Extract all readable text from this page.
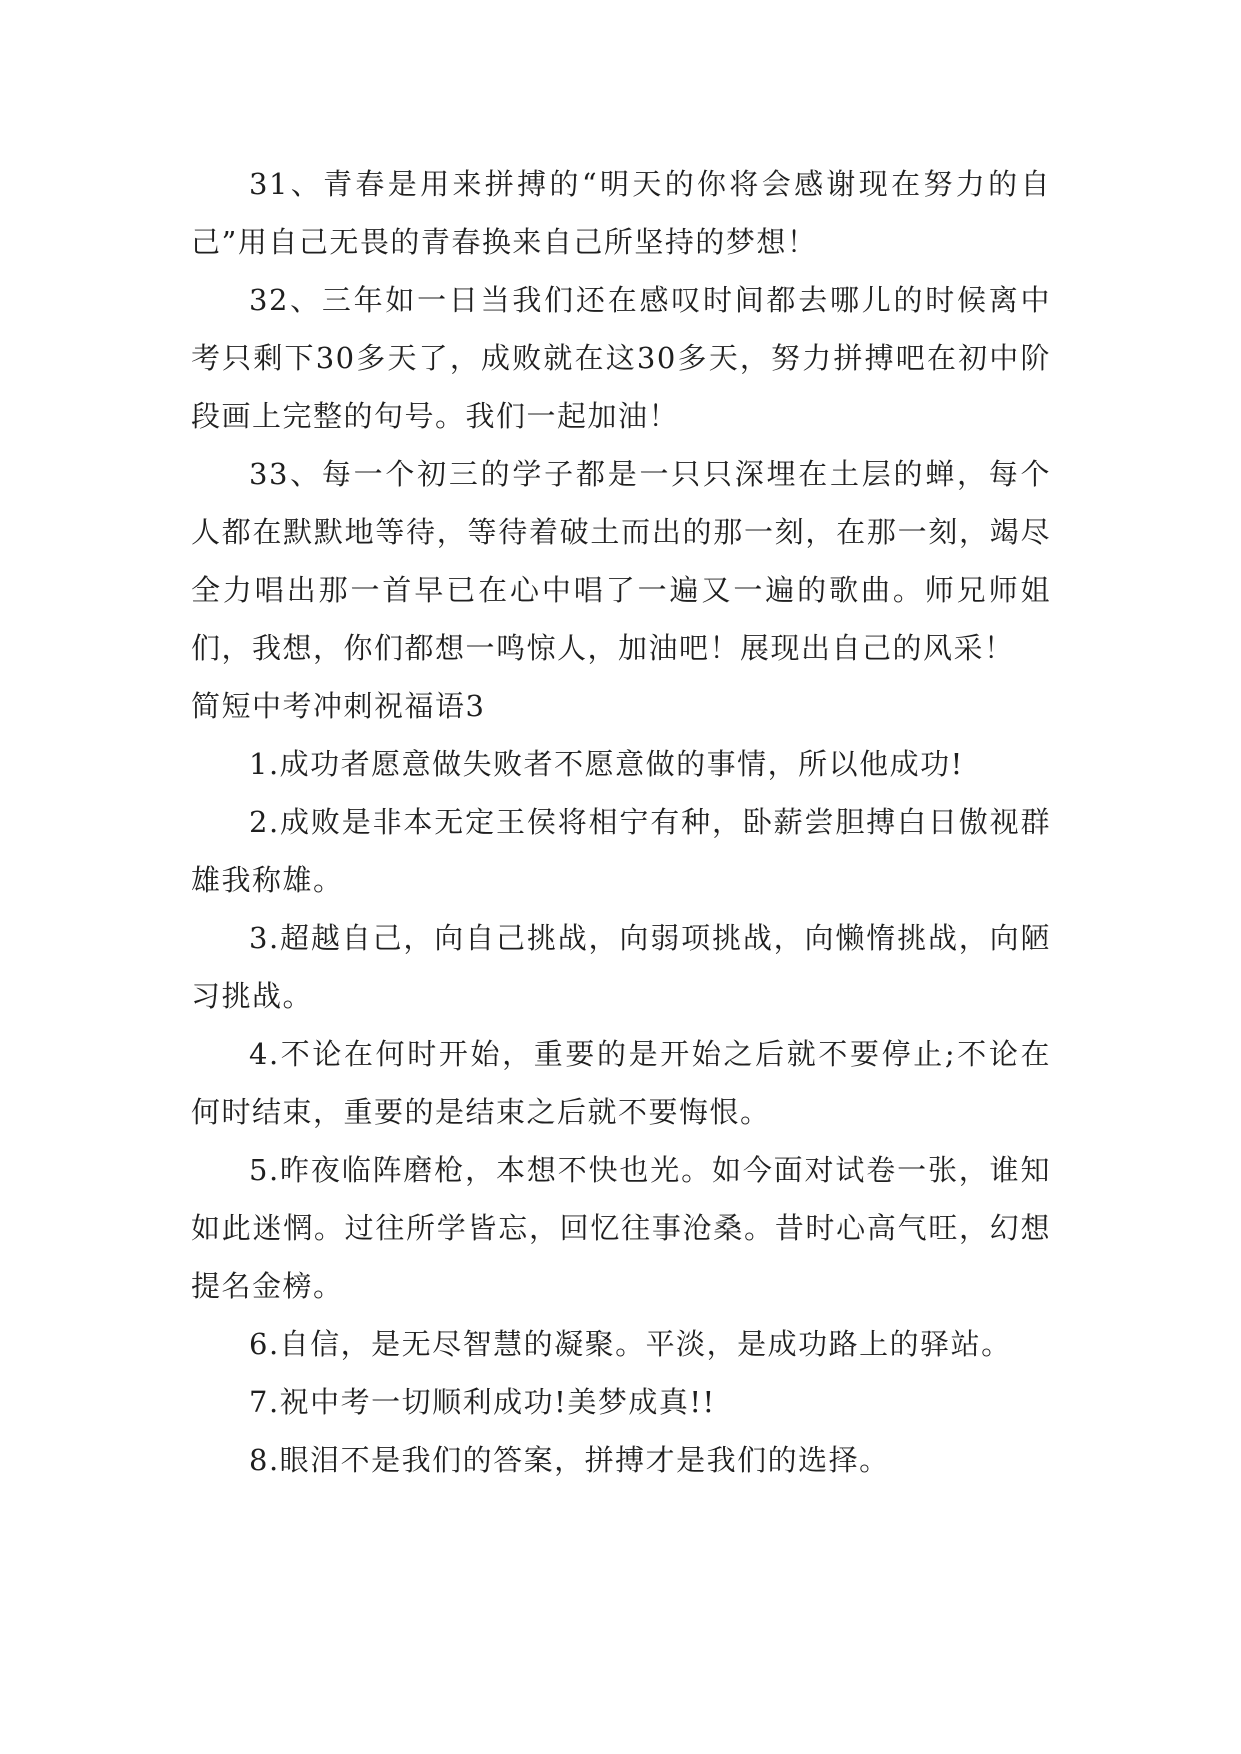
31、青春是用来拼搏的“明天的你将会感谢现在努力的自己”用自己无畏的青春换来自己所坚持的梦想！

32、三年如一日当我们还在感叹时间都去哪儿的时候离中考只剩下30多天了，成败就在这30多天，努力拼搏吧在初中阶段画上完整的句号。我们一起加油！

33、每一个初三的学子都是一只只深埋在土层的蝉，每个人都在默默地等待，等待着破土而出的那一刻，在那一刻，竭尽全力唱出那一首早已在心中唱了一遍又一遍的歌曲。师兄师姐们，我想，你们都想一鸣惊人，加油吧！展现出自己的风采！

简短中考冲刺祝福语3

1.成功者愿意做失败者不愿意做的事情，所以他成功!

2.成败是非本无定王侯将相宁有种，卧薪尝胆搏白日傲视群雄我称雄。

3.超越自己，向自己挑战，向弱项挑战，向懒惰挑战，向陋习挑战。

4.不论在何时开始，重要的是开始之后就不要停止;不论在何时结束，重要的是结束之后就不要悔恨。

5.昨夜临阵磨枪，本想不快也光。如今面对试卷一张，谁知如此迷惘。过往所学皆忘，回忆往事沧桑。昔时心高气旺，幻想提名金榜。

6.自信，是无尽智慧的凝聚。平淡，是成功路上的驿站。

7.祝中考一切顺利成功!美梦成真!!

8.眼泪不是我们的答案，拼搏才是我们的选择。
